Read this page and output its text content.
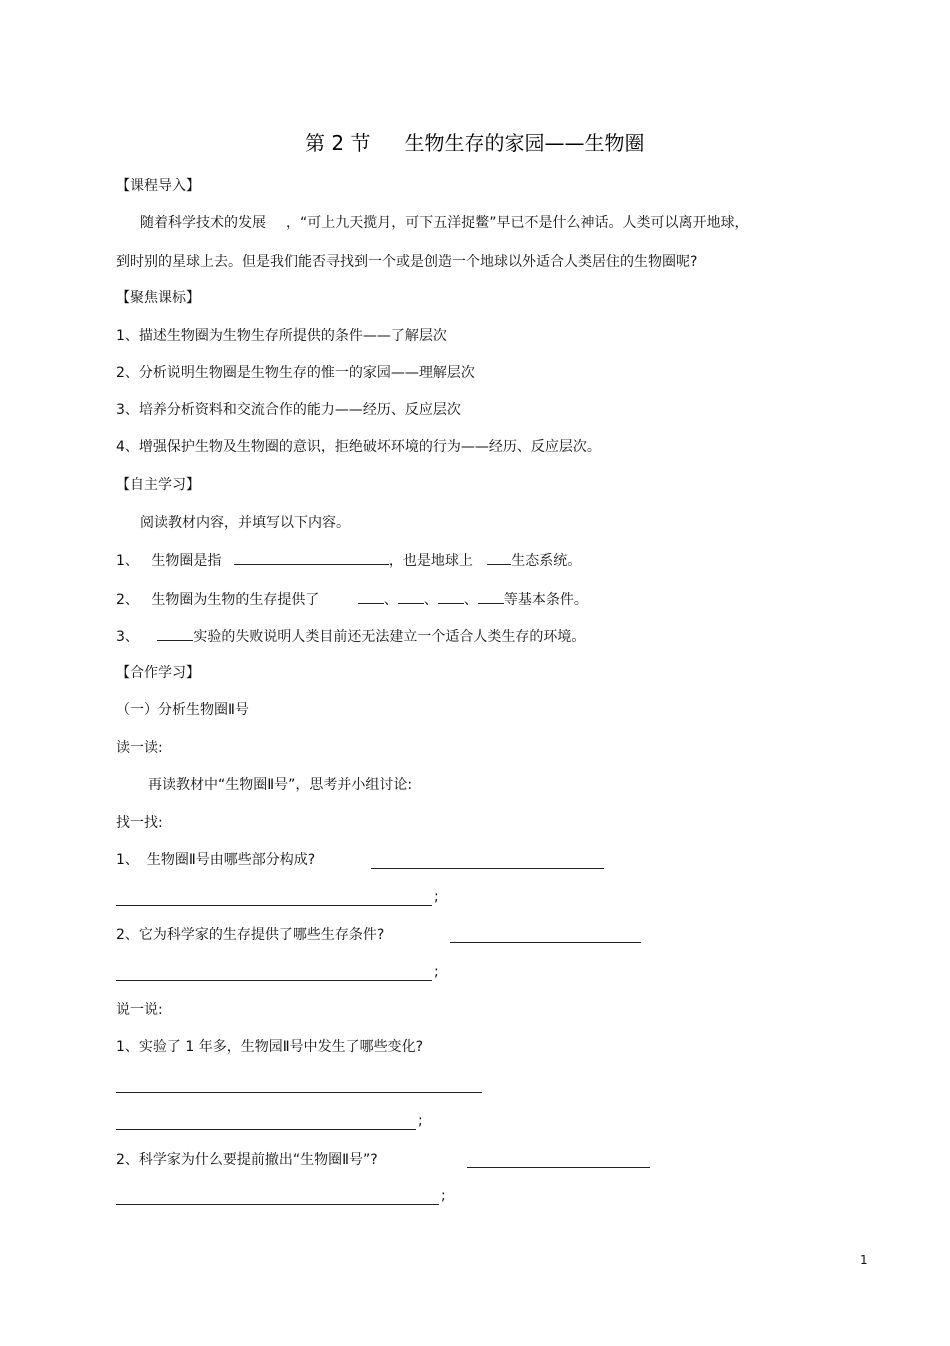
第 2 节 生物生存的家园——生物圈
【课程导入】
随着科学技术的发展 ，“可上九天揽月，可下五洋捉鳖”早已不是什么神话。人类可以离开地球，
到时别的星球上去。但是我们能否寻找到一个或是创造一个地球以外适合人类居住的生物圈呢?
【聚焦课标】
1、描述生物圈为生物生存所提供的条件——了解层次
2、分析说明生物圈是生物生存的惟一的家园——理解层次
3、培养分析资料和交流合作的能力——经历、反应层次
4、增强保护生物及生物圈的意识，拒绝破坏环境的行为——经历、反应层次。
【自主学习】
阅读教材内容，并填写以下内容。
1、 生物圈是指	，也是地球上	生态系统。
2、 生物圈为生物的生存提供了	、 、 、 等基本条件。
3、	实验的失败说明人类目前还无法建立一个适合人类生存的环境。
【合作学习】
（一）分析生物圈Ⅱ号
读一读:
再读教材中“生物圈Ⅱ号”，思考并小组讨论:
找一找:
1、 生物圈Ⅱ号由哪些部分构成?
;
2、它为科学家的生存提供了哪些生存条件?
;
说一说:
1、实验了 1 年多，生物园Ⅱ号中发生了哪些变化?
;
2、科学家为什么要提前撤出“生物圈Ⅱ号”?
;
1
